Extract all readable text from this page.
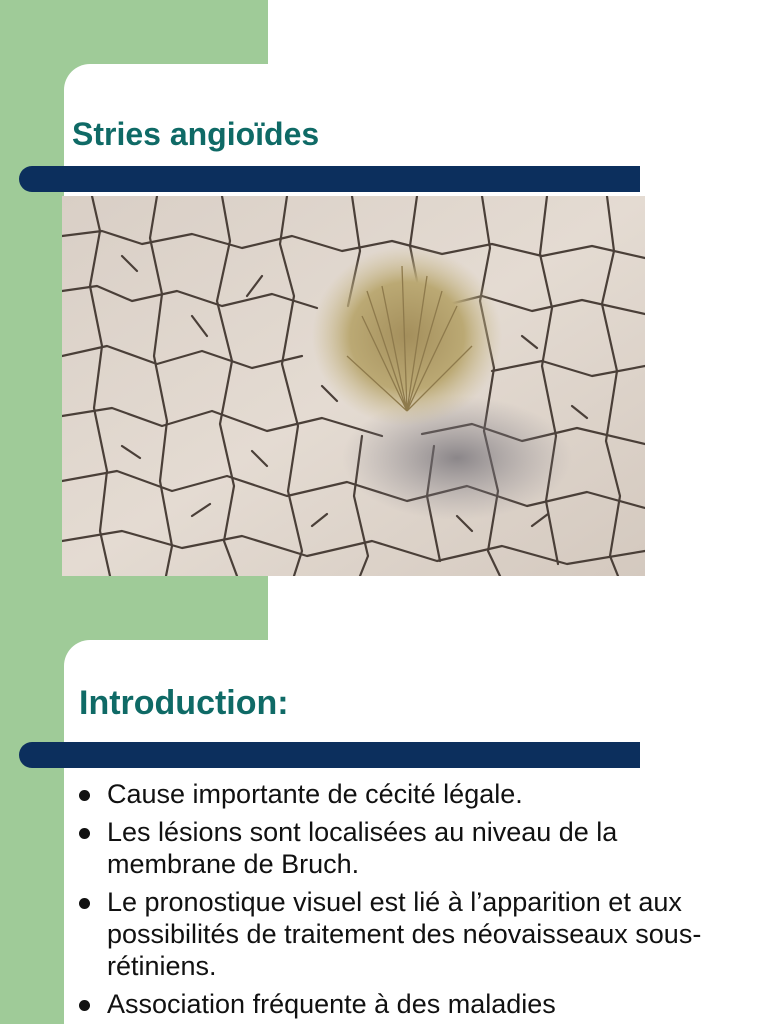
Stries angioïdes
Introduction:
Cause importante de cécité légale.
Les lésions sont localisées au niveau de la membrane de Bruch.
Le pronostique visuel est lié à l’apparition et aux possibilités de traitement des néovaisseaux sous-rétiniens.
Association fréquente à des maladies
